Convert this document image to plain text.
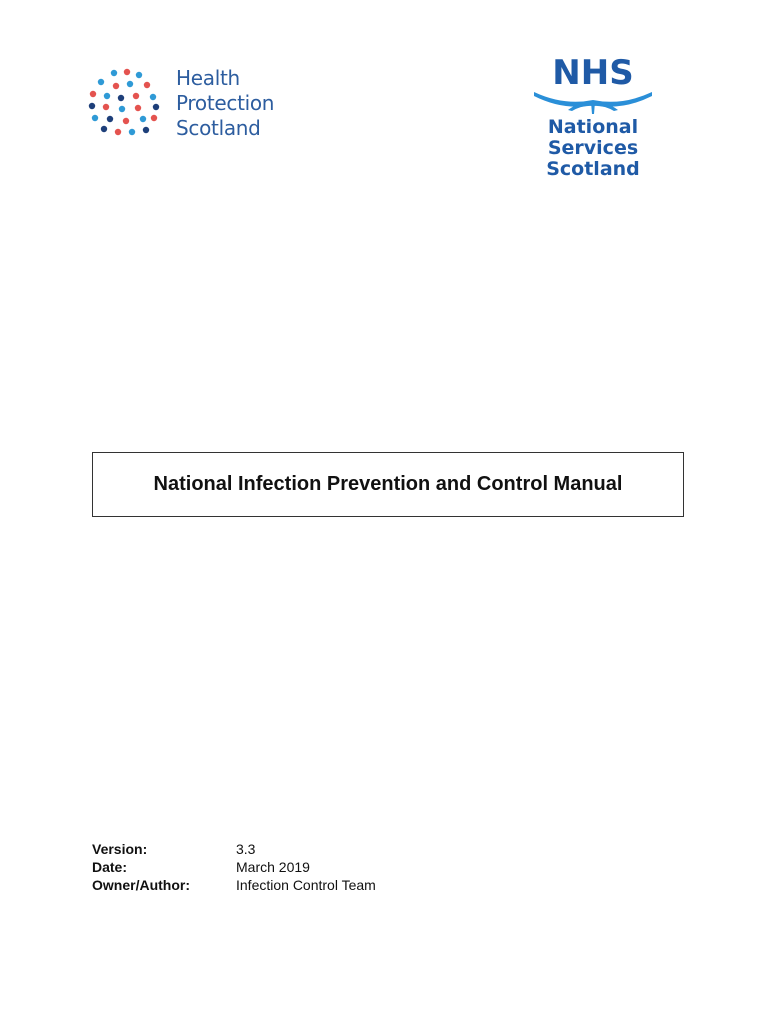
Health
Protection
Scotland
NHS
National
Services
Scotland
National Infection Prevention and Control Manual
Version:	3.3
Date:	March 2019
Owner/Author:	Infection Control Team
